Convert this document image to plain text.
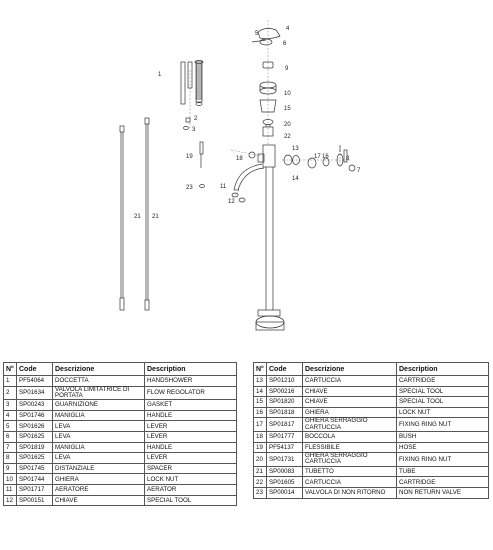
4
5
6
9
10
15
20
22
1
2
3
19
23
21 21
18
13
14
17 16	8
7
11
12
N°	Code	Descrizione	Description
1	PF54064	DOCCETTA	HANDSHOWER
2	SP01634	VALVOLA LIMITATRICE DI PORTATA	FLOW REGOLATOR
3	SP00243	GUARNIZIONE	GASKET
4	SP01746	MANIGLIA	HANDLE
5	SP01626	LEVA	LEVER
6	SP01625	LEVA	LEVER
7	SP01819	MANIGLIA	HANDLE
8	SP01625	LEVA	LEVER
9	SP01745	DISTANZIALE	SPACER
10	SP01744	GHIERA	LOCK NUT
11	SP01717	AERATORE	AERATOR
12	SP00151	CHIAVE	SPECIAL TOOL
N°	Code	Descrizione	Description
13	SP01210	CARTUCCIA	CARTRIDGE
14	SP00216	CHIAVE	SPECIAL TOOL
15	SP01820	CHIAVE	SPECIAL TOOL
16	SP01818	GHIERA	LOCK NUT
17	SP01817	GHIERA SERRAGGIO CARTUCCIA	FIXING RING NUT
18	SP01777	BOCCOLA	BUSH
19	PF54137	FLESSIBILE	HOSE
20	SP01731	GHIERA SERRAGGIO CARTUCCIA	FIXING RING NUT
21	SP00083	TUBETTO	TUBE
22	SP01605	CARTUCCIA	CARTRIDGE
23	SP00014	VALVOLA DI NON RITORNO	NON RETURN VALVE
